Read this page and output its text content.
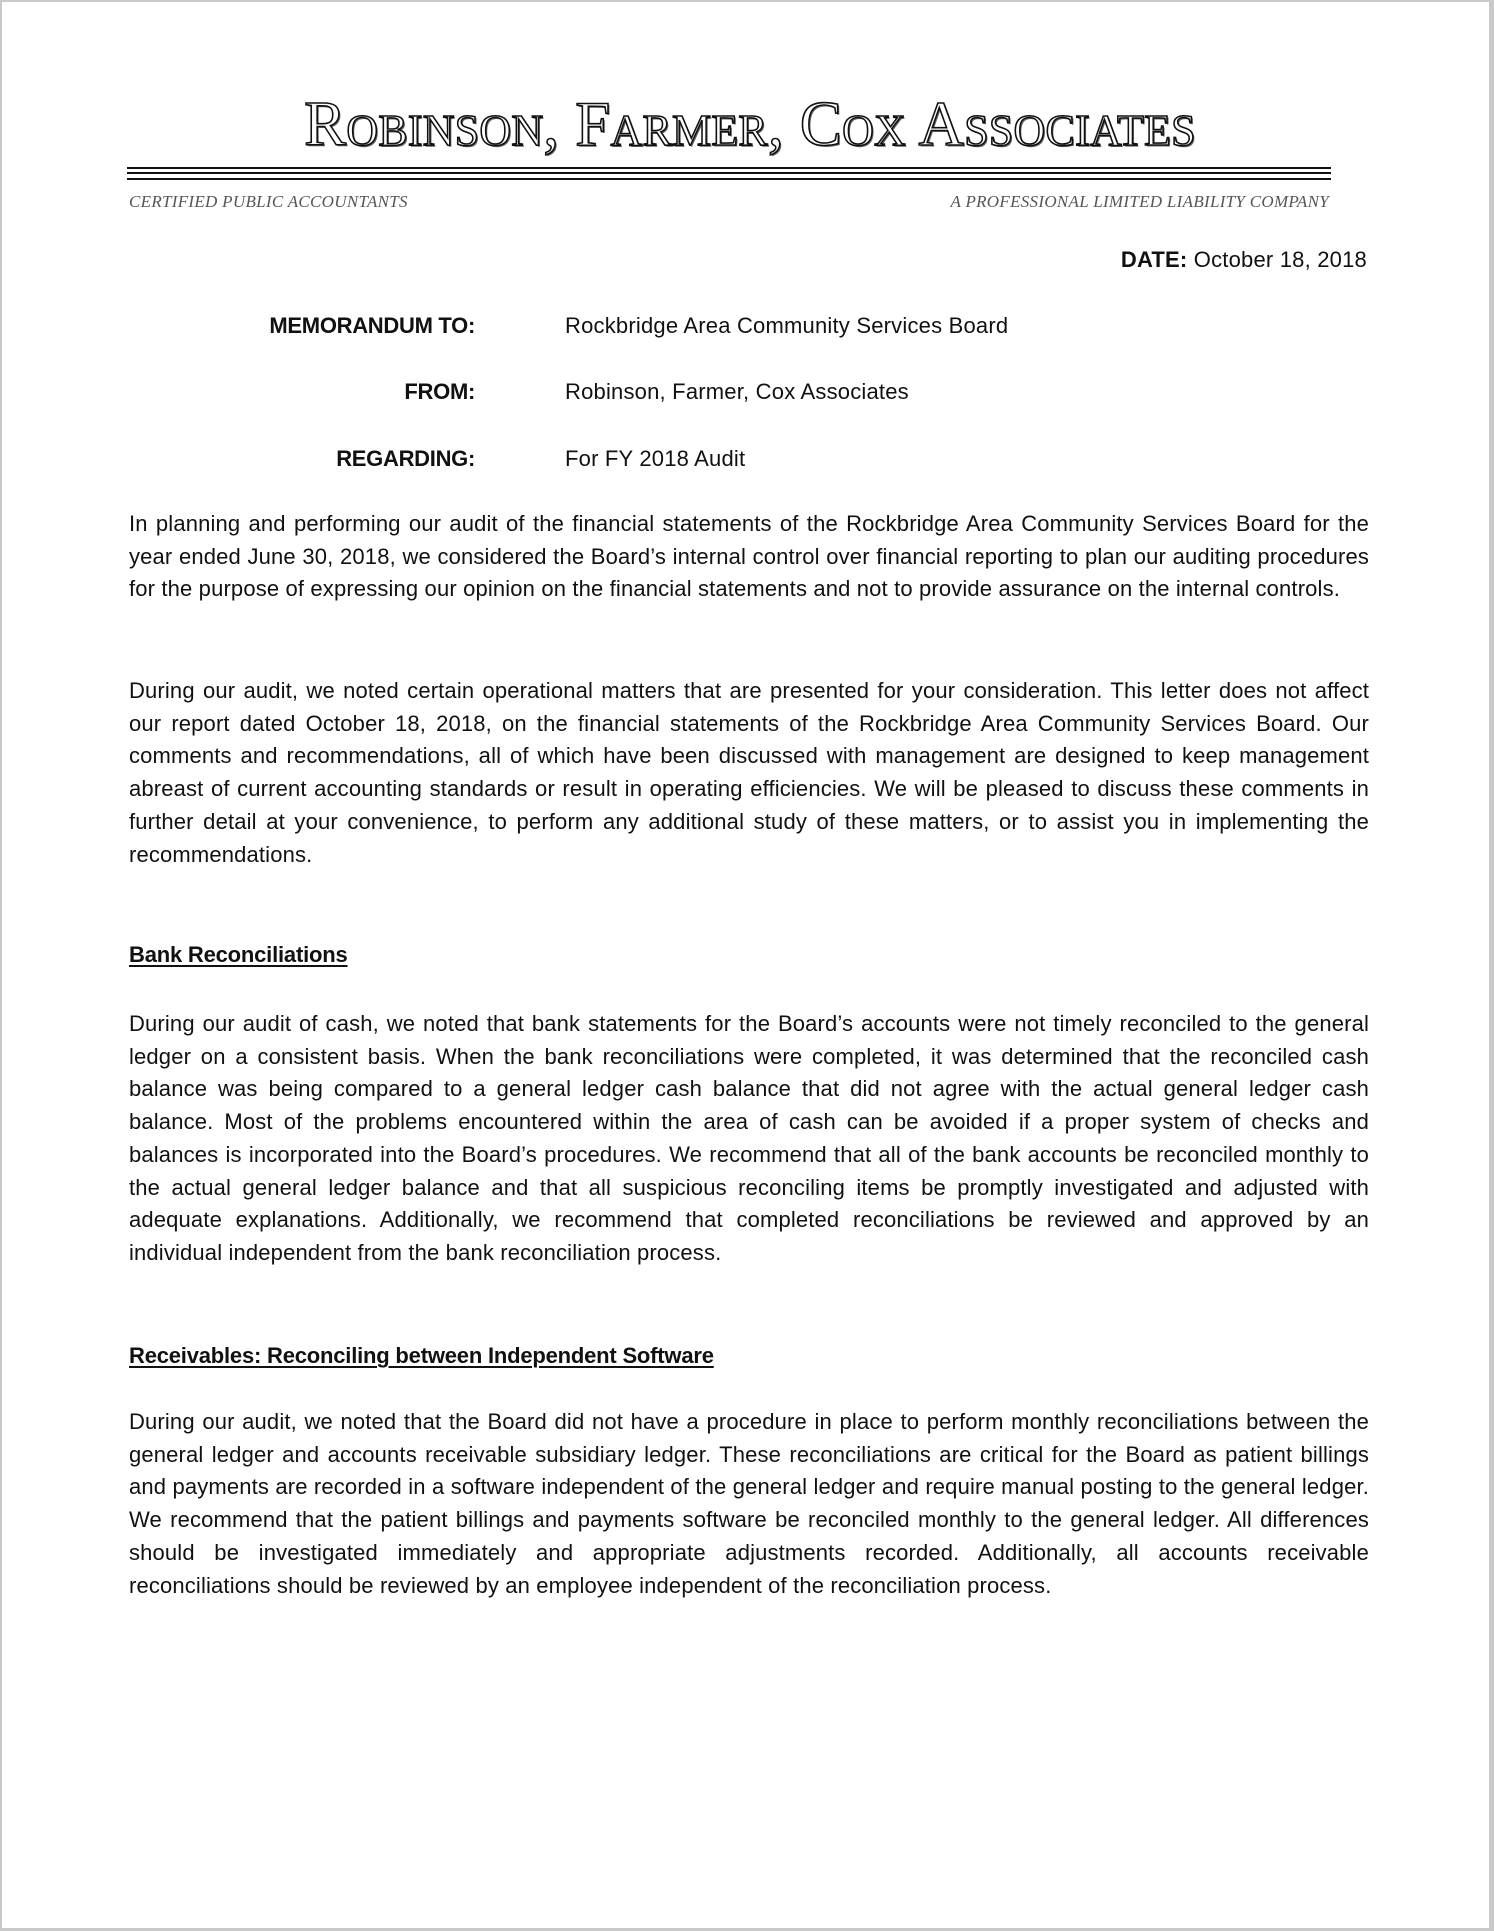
Robinson, Farmer, Cox Associates
CERTIFIED PUBLIC ACCOUNTANTS	A PROFESSIONAL LIMITED LIABILITY COMPANY
DATE: October 18, 2018
MEMORANDUM TO:	Rockbridge Area Community Services Board
FROM:	Robinson, Farmer, Cox Associates
REGARDING:	For FY 2018 Audit

In planning and performing our audit of the financial statements of the Rockbridge Area Community Services Board for the year ended June 30, 2018, we considered the Board’s internal control over financial reporting to plan our auditing procedures for the purpose of expressing our opinion on the financial statements and not to provide assurance on the internal controls.

During our audit, we noted certain operational matters that are presented for your consideration. This letter does not affect our report dated October 18, 2018, on the financial statements of the Rockbridge Area Community Services Board. Our comments and recommendations, all of which have been discussed with management are designed to keep management abreast of current accounting standards or result in operating efficiencies. We will be pleased to discuss these comments in further detail at your convenience, to perform any additional study of these matters, or to assist you in implementing the recommendations.

Bank Reconciliations

During our audit of cash, we noted that bank statements for the Board’s accounts were not timely reconciled to the general ledger on a consistent basis. When the bank reconciliations were completed, it was determined that the reconciled cash balance was being compared to a general ledger cash balance that did not agree with the actual general ledger cash balance. Most of the problems encountered within the area of cash can be avoided if a proper system of checks and balances is incorporated into the Board’s procedures. We recommend that all of the bank accounts be reconciled monthly to the actual general ledger balance and that all suspicious reconciling items be promptly investigated and adjusted with adequate explanations. Additionally, we recommend that completed reconciliations be reviewed and approved by an individual independent from the bank reconciliation process.

Receivables: Reconciling between Independent Software

During our audit, we noted that the Board did not have a procedure in place to perform monthly reconciliations between the general ledger and accounts receivable subsidiary ledger. These reconciliations are critical for the Board as patient billings and payments are recorded in a software independent of the general ledger and require manual posting to the general ledger. We recommend that the patient billings and payments software be reconciled monthly to the general ledger. All differences should be investigated immediately and appropriate adjustments recorded. Additionally, all accounts receivable reconciliations should be reviewed by an employee independent of the reconciliation process.
